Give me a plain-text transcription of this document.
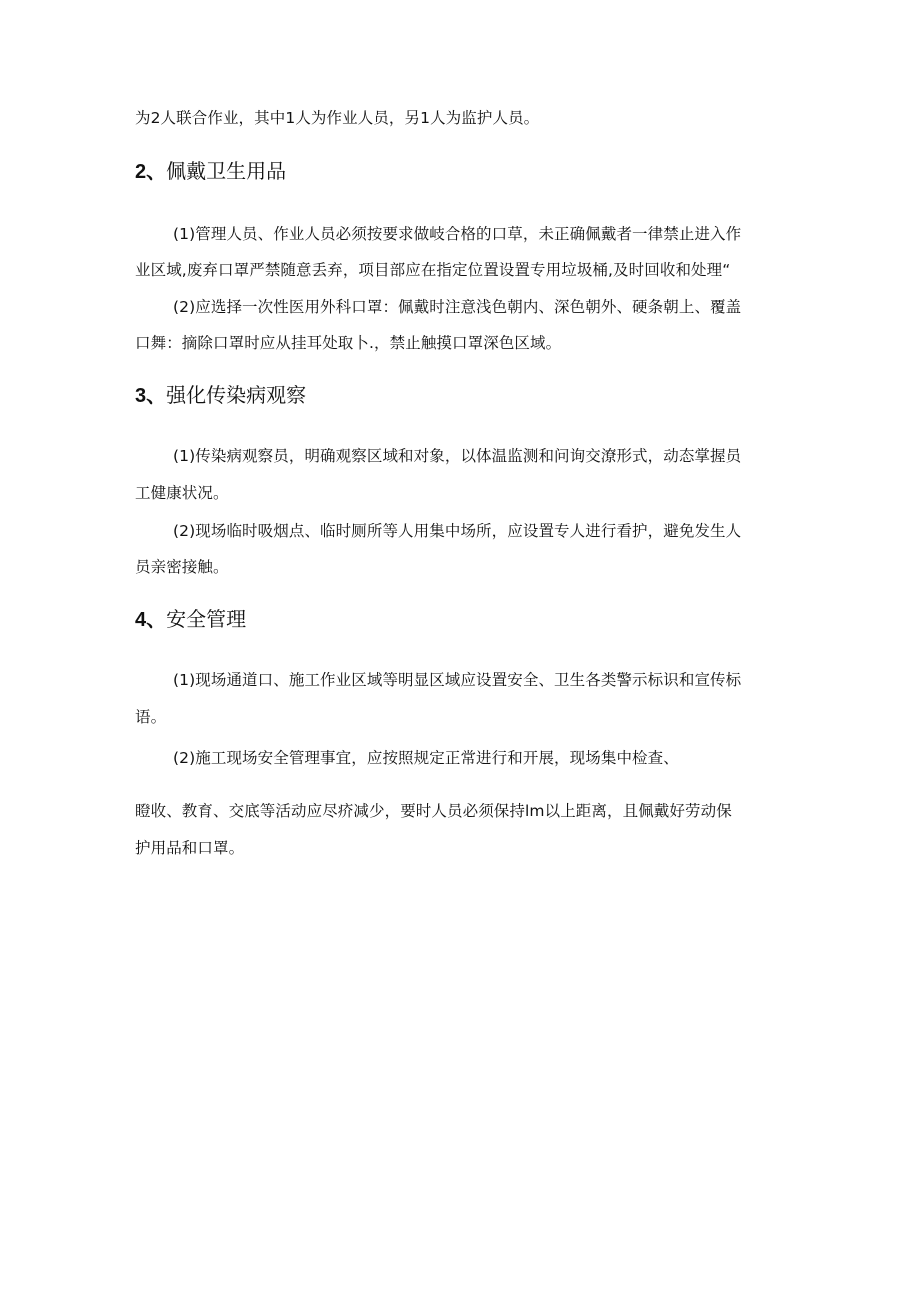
为2人联合作业，其中1人为作业人员，另1人为监护人员。
2、佩戴卫生用品
(1)管理人员、作业人员必须按要求做岐合格的口草，未正确佩戴者一律禁止进入作
业区域,废弃口罩严禁随意丢弃，项目部应在指定位置设置专用垃圾桶,及时回收和处理“
(2)应选择一次性医用外科口罩：佩戴时注意浅色朝内、深色朝外、硬条朝上、覆盖
口舞：摘除口罩时应从挂耳处取卜.，禁止触摸口罩深色区域。
3、强化传染病观察
(1)传染病观察员，明确观察区域和对象，以体温监测和问询交潦形式，动态掌握员
工健康状况。
(2)现场临时吸烟点、临时厕所等人用集中场所，应设置专人进行看护，避免发生人
员亲密接触。
4、安全管理
(1)现场通道口、施工作业区域等明显区域应设置安全、卫生各类警示标识和宣传标
语。
(2)施工现场安全管理事宜，应按照规定正常进行和开展，现场集中检查、
瞪收、教育、交底等活动应尽疥减少，要时人员必须保持lm以上距离，且佩戴好劳动保
护用品和口罩。
